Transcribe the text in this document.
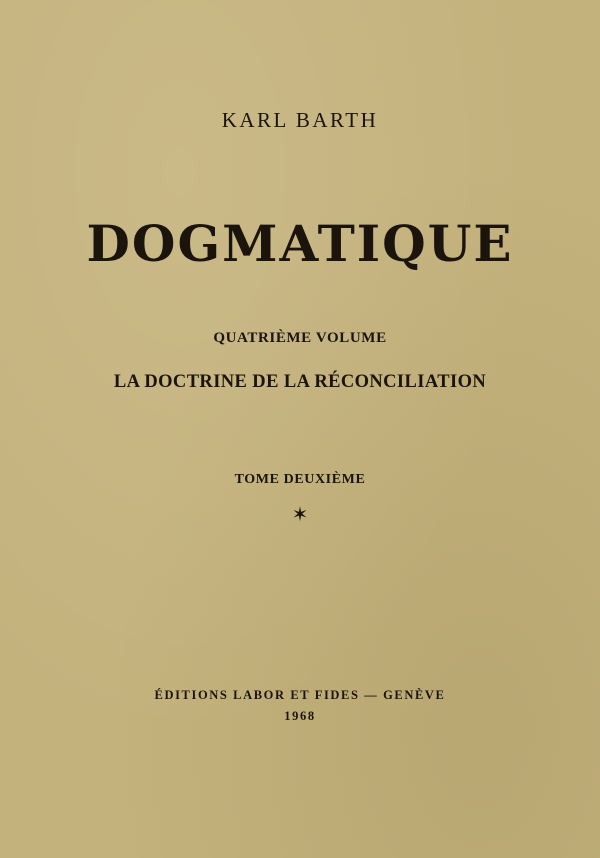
KARL BARTH
DOGMATIQUE
QUATRIÈME VOLUME
LA DOCTRINE DE LA RÉCONCILIATION
TOME DEUXIÈME
✶
ÉDITIONS LABOR ET FIDES — GENÈVE
1968
